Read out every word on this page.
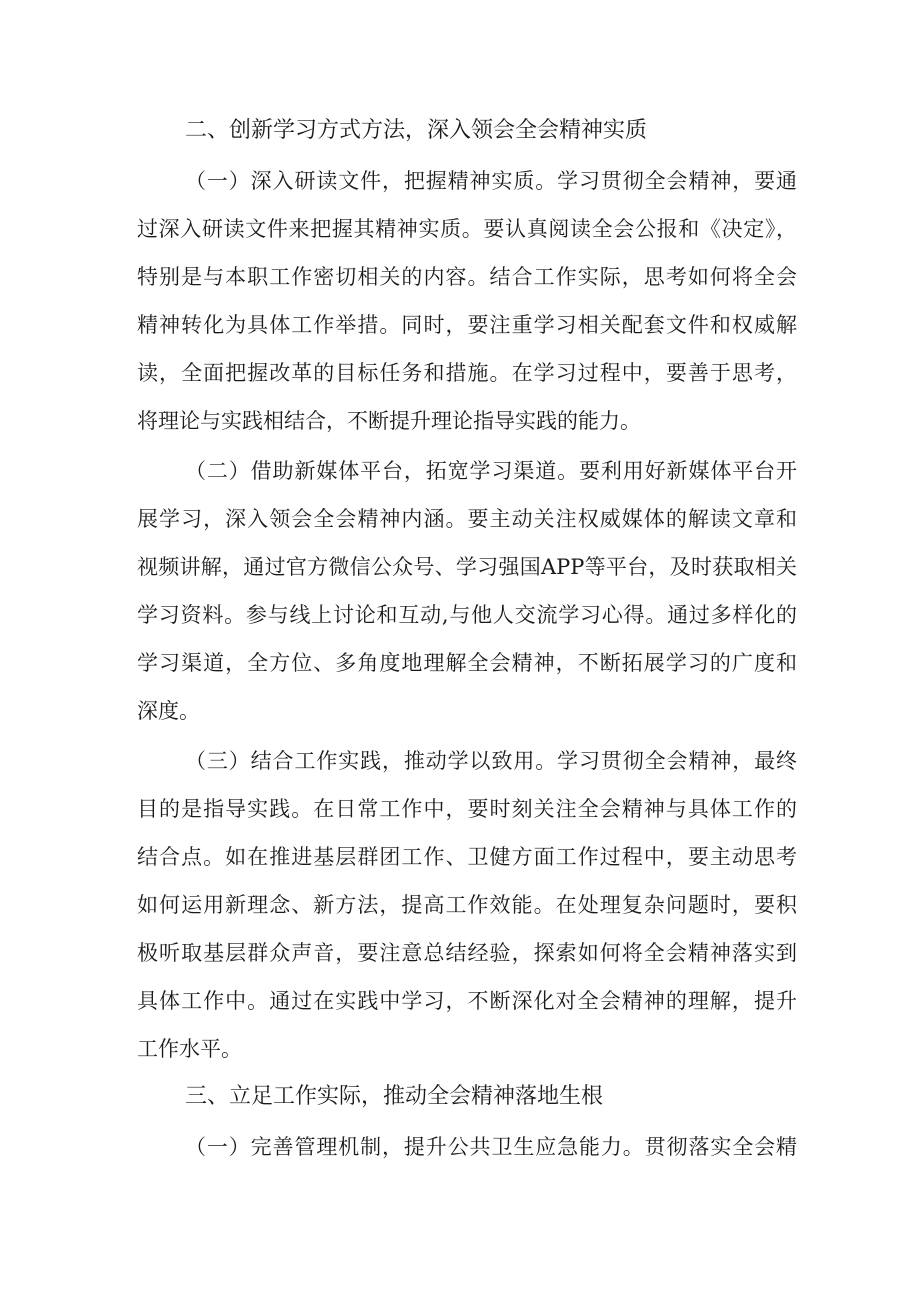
二、创新学习方式方法，深入领会全会精神实质
（一）深入研读文件，把握精神实质。学习贯彻全会精神，要通
过深入研读文件来把握其精神实质。要认真阅读全会公报和《决定》，
特别是与本职工作密切相关的内容。结合工作实际，思考如何将全会
精神转化为具体工作举措。同时，要注重学习相关配套文件和权威解
读，全面把握改革的目标任务和措施。在学习过程中，要善于思考，
将理论与实践相结合，不断提升理论指导实践的能力。
（二）借助新媒体平台，拓宽学习渠道。要利用好新媒体平台开
展学习，深入领会全会精神内涵。要主动关注权威媒体的解读文章和
视频讲解，通过官方微信公众号、学习强国APP等平台，及时获取相关
学习资料。参与线上讨论和互动,与他人交流学习心得。通过多样化的
学习渠道，全方位、多角度地理解全会精神，不断拓展学习的广度和
深度。
（三）结合工作实践，推动学以致用。学习贯彻全会精神，最终
目的是指导实践。在日常工作中，要时刻关注全会精神与具体工作的
结合点。如在推进基层群团工作、卫健方面工作过程中，要主动思考
如何运用新理念、新方法，提高工作效能。在处理复杂问题时，要积
极听取基层群众声音，要注意总结经验，探索如何将全会精神落实到
具体工作中。通过在实践中学习，不断深化对全会精神的理解，提升
工作水平。
三、立足工作实际，推动全会精神落地生根
（一）完善管理机制，提升公共卫生应急能力。贯彻落实全会精
